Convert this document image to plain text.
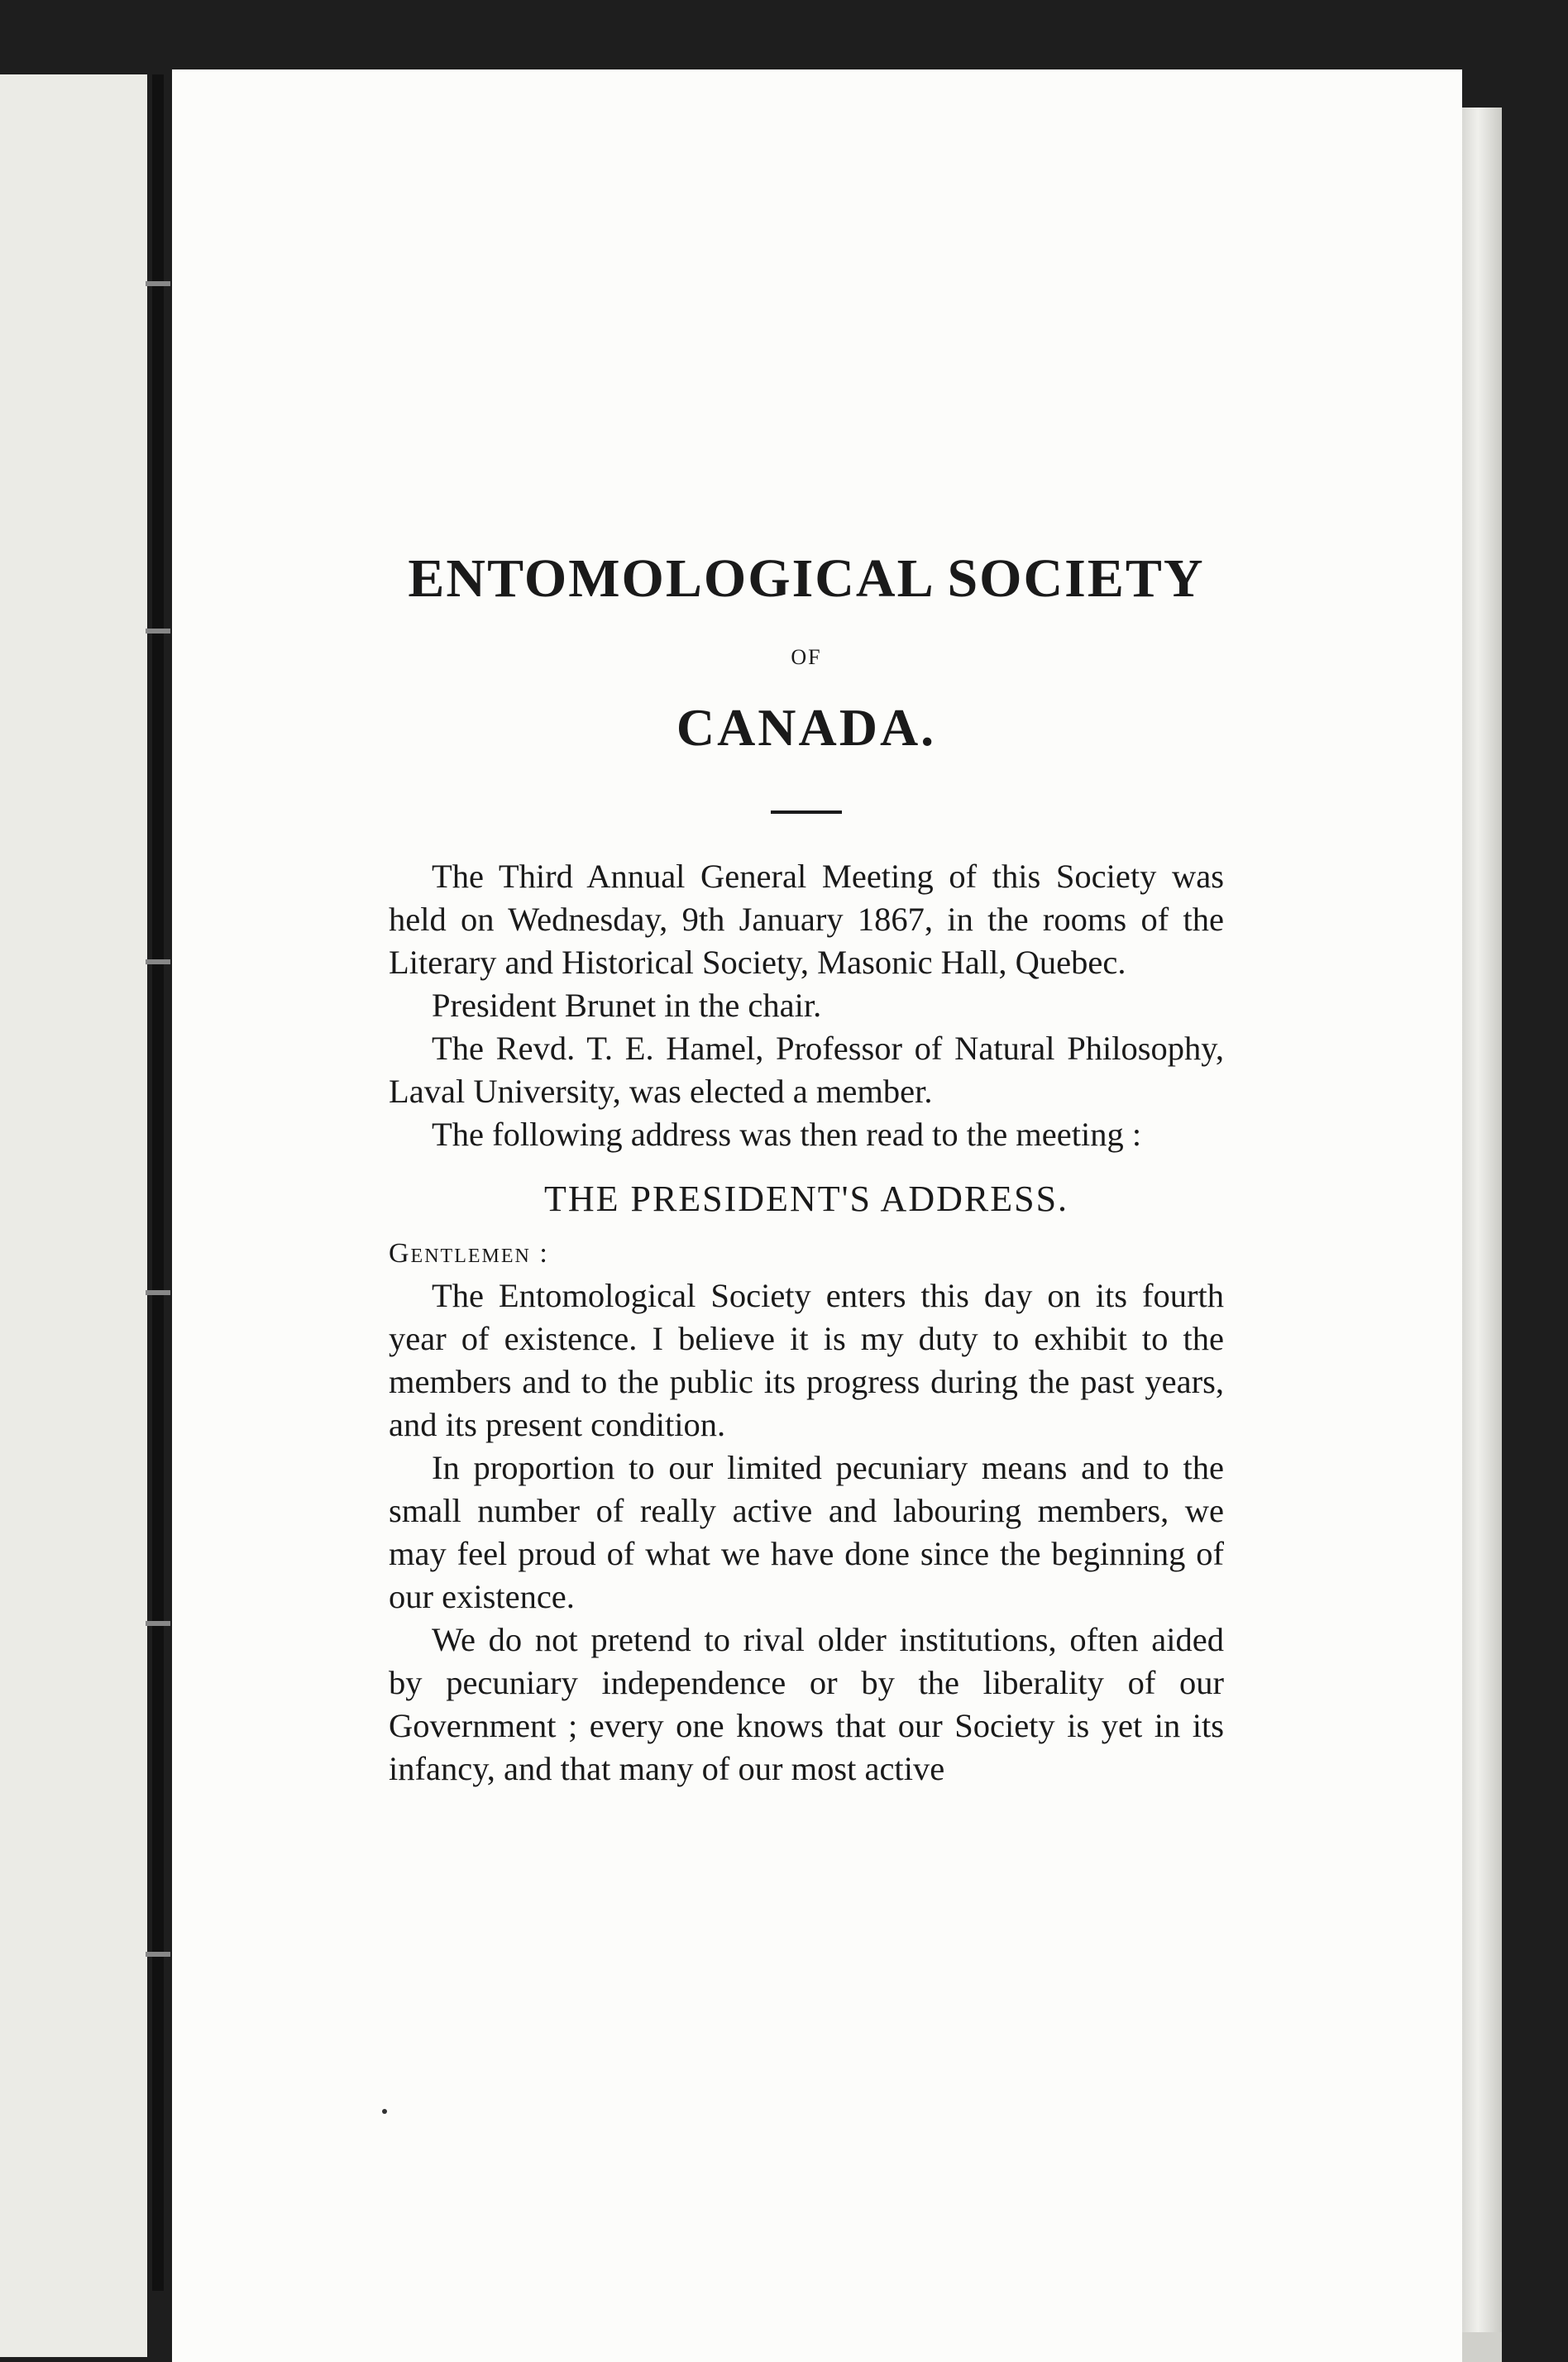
ENTOMOLOGICAL SOCIETY
OF
CANADA.

The Third Annual General Meeting of this Society was held on Wednesday, 9th January 1867, in the rooms of the Literary and Historical Society, Masonic Hall, Quebec.

President Brunet in the chair.

The Revd. T. E. Hamel, Professor of Natural Philosophy, Laval University, was elected a member.

The following address was then read to the meeting :

THE PRESIDENT'S ADDRESS.
Gentlemen :

The Entomological Society enters this day on its fourth year of existence. I believe it is my duty to exhibit to the members and to the public its progress during the past years, and its present condition.

In proportion to our limited pecuniary means and to the small number of really active and labouring members, we may feel proud of what we have done since the beginning of our existence.

We do not pretend to rival older institutions, often aided by pecuniary independence or by the liberality of our Government ; every one knows that our Society is yet in its infancy, and that many of our most active
